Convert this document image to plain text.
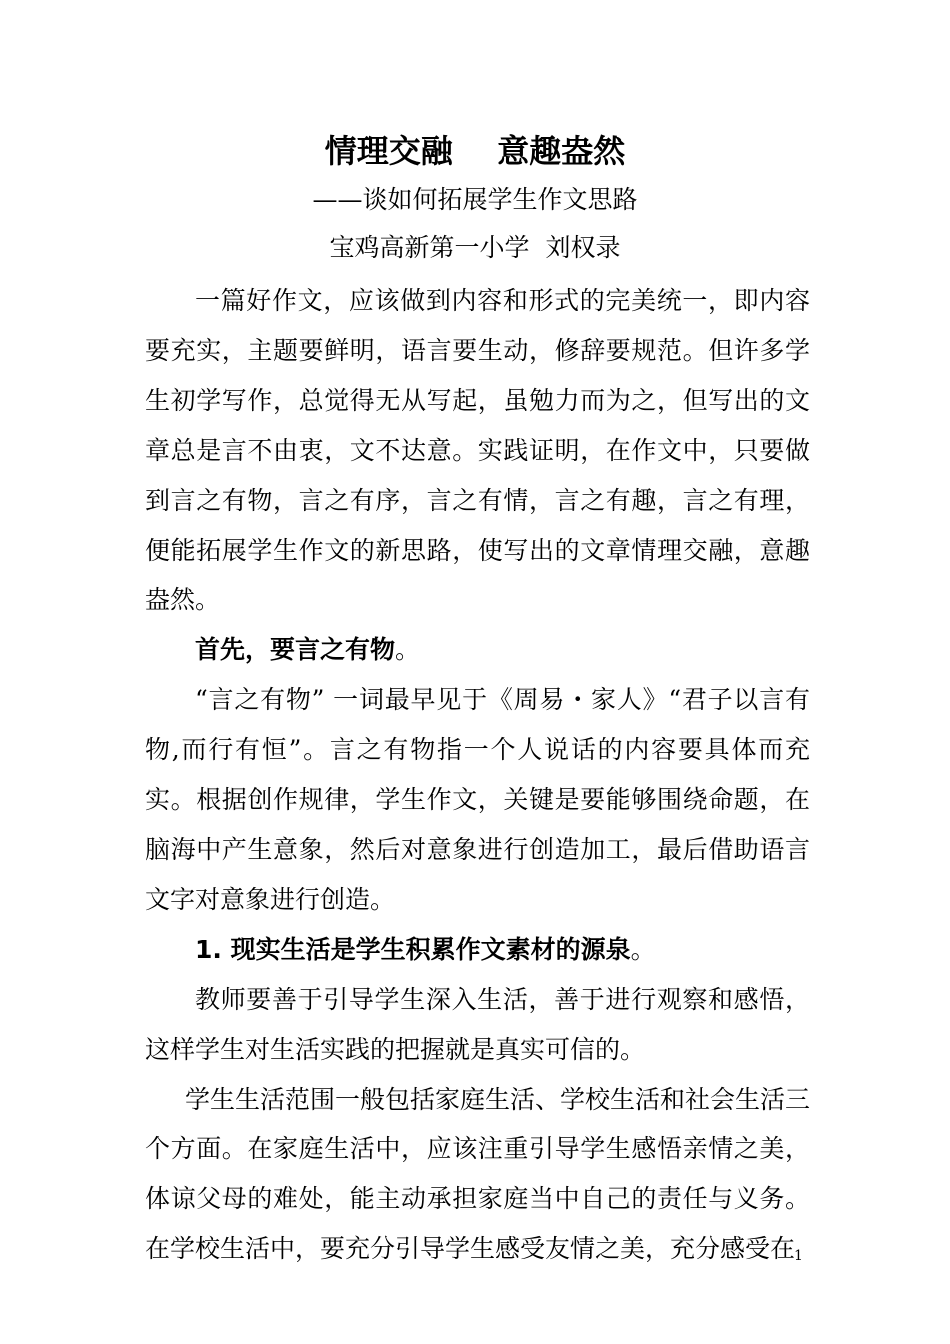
情理交融    意趣盎然
——谈如何拓展学生作文思路
宝鸡高新第一小学  刘权录

一篇好作文，应该做到内容和形式的完美统一，即内容要充实，主题要鲜明，语言要生动，修辞要规范。但许多学生初学写作，总觉得无从写起，虽勉力而为之，但写出的文章总是言不由衷，文不达意。实践证明，在作文中，只要做到言之有物，言之有序，言之有情，言之有趣，言之有理，便能拓展学生作文的新思路，使写出的文章情理交融，意趣盎然。

首先，要言之有物。

“言之有物” 一词最早见于《周易・家人》“君子以言有物,而行有恒”。言之有物指一个人说话的内容要具体而充实。根据创作规律，学生作文，关键是要能够围绕命题，在脑海中产生意象，然后对意象进行创造加工，最后借助语言文字对意象进行创造。

1. 现实生活是学生积累作文素材的源泉。

教师要善于引导学生深入生活，善于进行观察和感悟，这样学生对生活实践的把握就是真实可信的。

学生生活范围一般包括家庭生活、学校生活和社会生活三个方面。在家庭生活中，应该注重引导学生感悟亲情之美，体谅父母的难处，能主动承担家庭当中自己的责任与义务。在学校生活中，要充分引导学生感受友情之美，充分感受在

1
